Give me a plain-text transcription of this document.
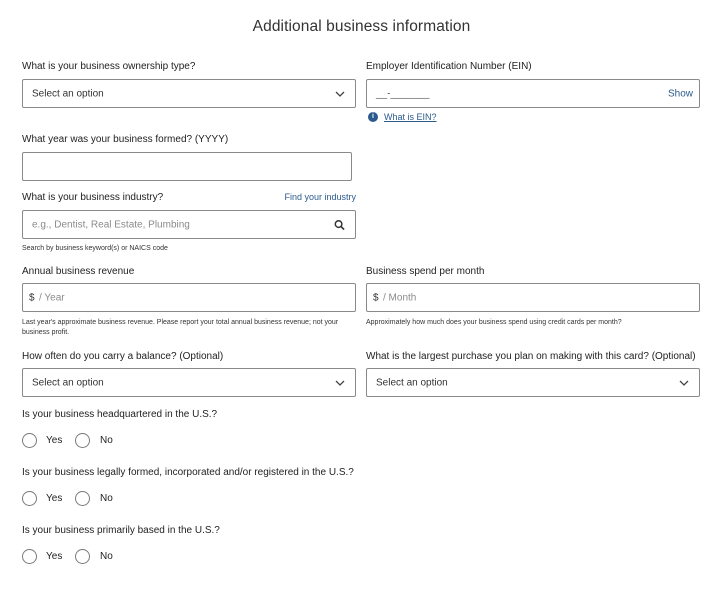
Additional business information
What is your business ownership type?
Select an option
Employer Identification Number (EIN)
__-_______	Show
i	What is EIN?
What year was your business formed? (YYYY)
What is your business industry?	Find your industry
e.g., Dentist, Real Estate, Plumbing
Search by business keyword(s) or NAICS code
Annual business revenue
$ / Year
Last year's approximate business revenue. Please report your total annual business revenue; not your business profit.
Business spend per month
$ / Month
Approximately how much does your business spend using credit cards per month?
How often do you carry a balance? (Optional)
Select an option
What is the largest purchase you plan on making with this card? (Optional)
Select an option
Is your business headquartered in the U.S.?
Yes	No
Is your business legally formed, incorporated and/or registered in the U.S.?
Yes	No
Is your business primarily based in the U.S.?
Yes	No
